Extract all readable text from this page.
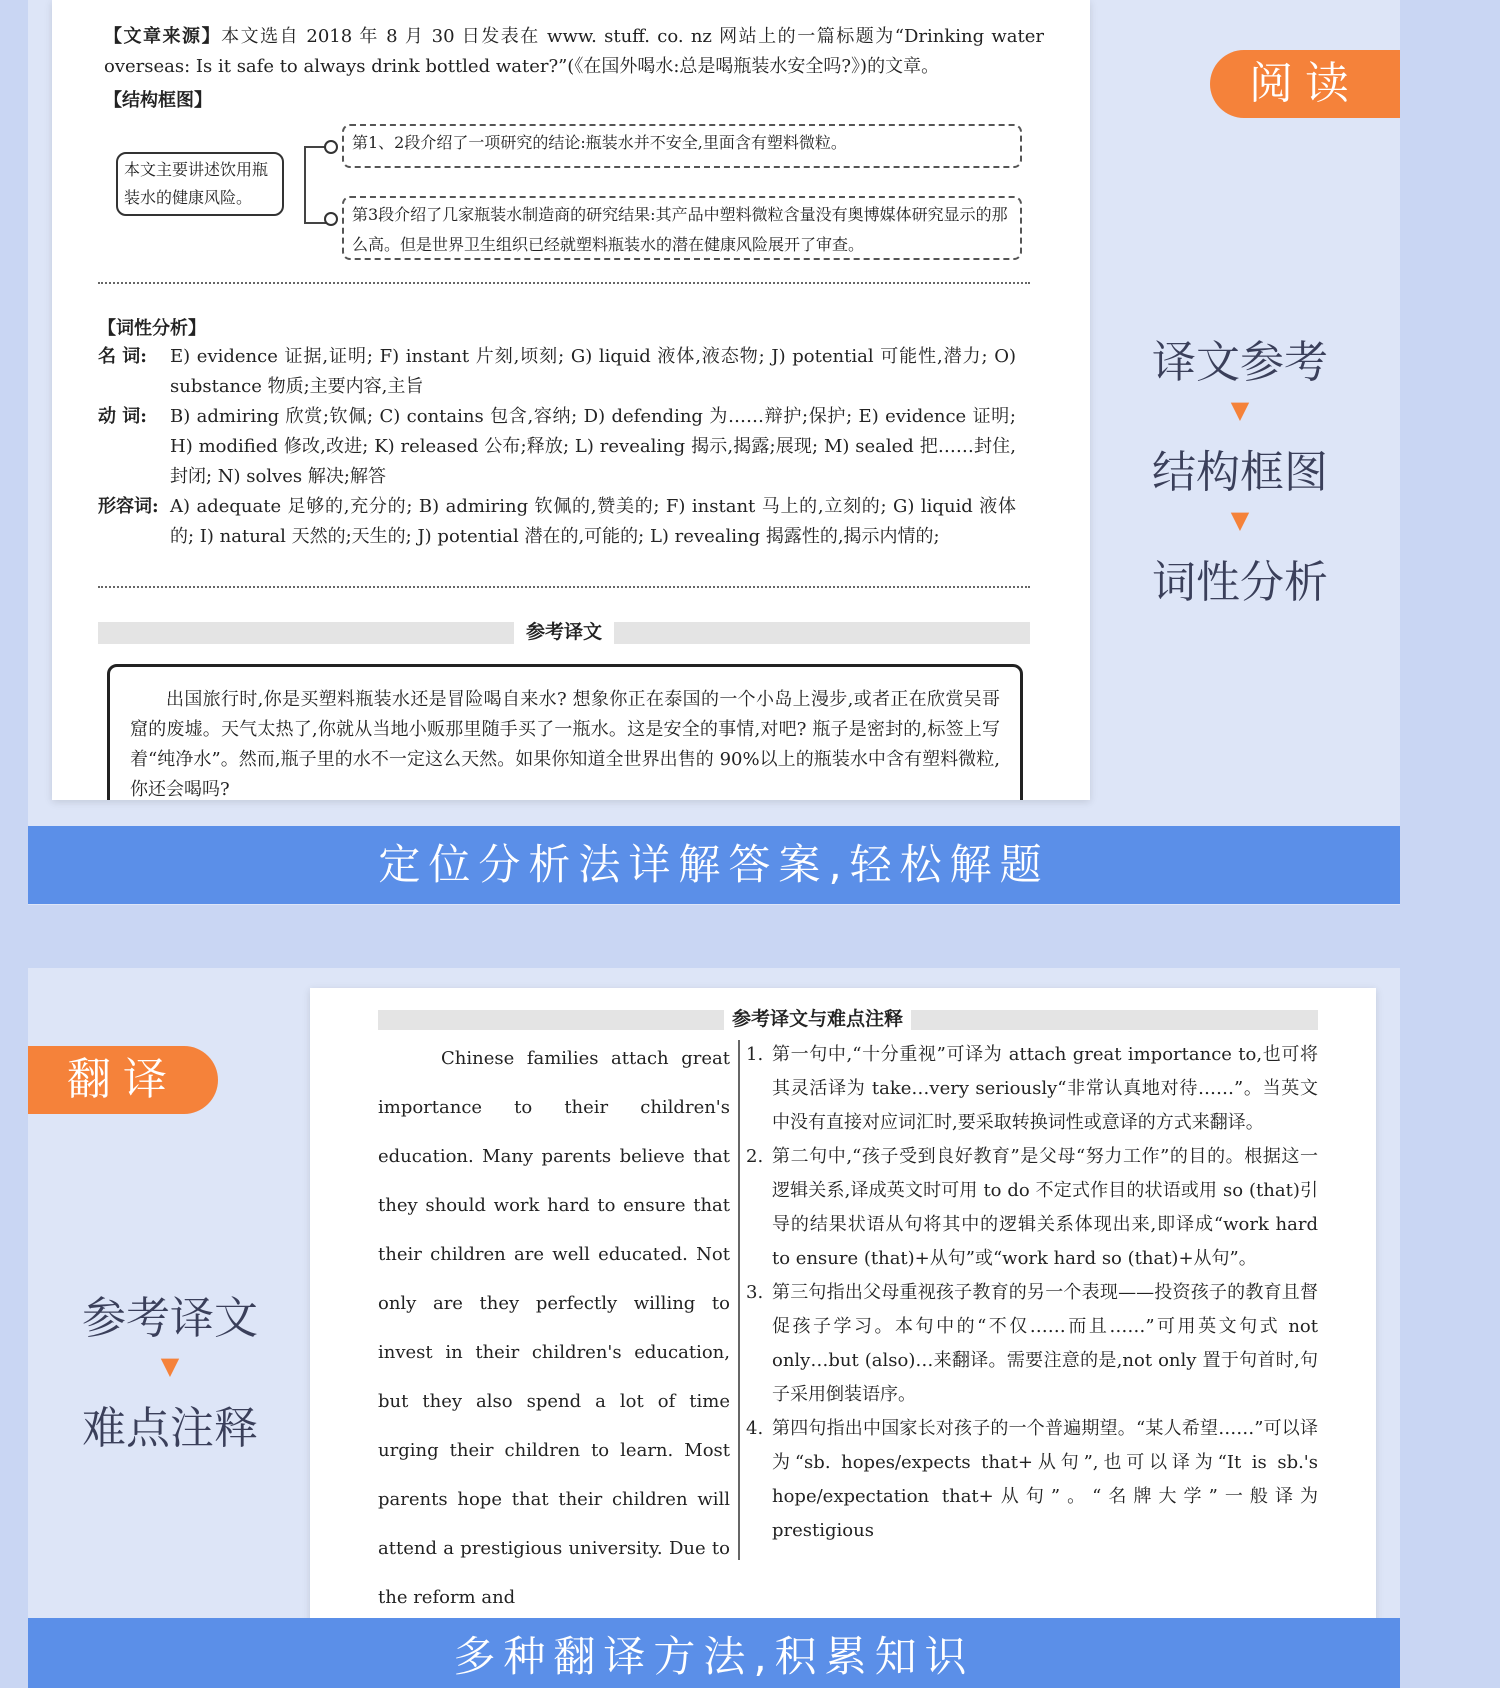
【文章来源】本文选自 2018 年 8 月 30 日发表在 www. stuff. co. nz 网站上的一篇标题为“Drinking water overseas: Is it safe to always drink bottled water?”(《在国外喝水:总是喝瓶装水安全吗?》)的文章。
【结构框图】
本文主要讲述饮用瓶装水的健康风险。
第1、2段介绍了一项研究的结论:瓶装水并不安全,里面含有塑料微粒。
第3段介绍了几家瓶装水制造商的研究结果:其产品中塑料微粒含量没有奥博媒体研究显示的那么高。但是世界卫生组织已经就塑料瓶装水的潜在健康风险展开了审查。
【词性分析】
名 词: E) evidence 证据,证明; F) instant 片刻,顷刻; G) liquid 液体,液态物; J) potential 可能性,潜力; O) substance 物质;主要内容,主旨
动 词: B) admiring 欣赏;钦佩; C) contains 包含,容纳; D) defending 为……辩护;保护; E) evidence 证明; H) modified 修改,改进; K) released 公布;释放; L) revealing 揭示,揭露;展现; M) sealed 把……封住,封闭; N) solves 解决;解答
形容词: A) adequate 足够的,充分的; B) admiring 钦佩的,赞美的; F) instant 马上的,立刻的; G) liquid 液体的; I) natural 天然的;天生的; J) potential 潜在的,可能的; L) revealing 揭露性的,揭示内情的;
参考译文
出国旅行时,你是买塑料瓶装水还是冒险喝自来水? 想象你正在泰国的一个小岛上漫步,或者正在欣赏吴哥窟的废墟。天气太热了,你就从当地小贩那里随手买了一瓶水。这是安全的事情,对吧? 瓶子是密封的,标签上写着“纯净水”。然而,瓶子里的水不一定这么天然。如果你知道全世界出售的 90%以上的瓶装水中含有塑料微粒,你还会喝吗?
阅读
译文参考
▼
结构框图
▼
词性分析
定位分析法详解答案,轻松解题
参考译文与难点注释

Chinese families attach great importance to their children's education. Many parents believe that they should work hard to ensure that their children are well educated. Not only are they perfectly willing to invest in their children's education, but they also spend a lot of time urging their children to learn. Most parents hope that their children will attend a prestigious university. Due to the reform and

1. 第一句中,“十分重视”可译为 attach great importance to,也可将其灵活译为 take…very seriously“非常认真地对待……”。当英文中没有直接对应词汇时,要采取转换词性或意译的方式来翻译。
2. 第二句中,“孩子受到良好教育”是父母“努力工作”的目的。根据这一逻辑关系,译成英文时可用 to do 不定式作目的状语或用 so (that)引导的结果状语从句将其中的逻辑关系体现出来,即译成“work hard to ensure (that)+从句”或“work hard so (that)+从句”。
3. 第三句指出父母重视孩子教育的另一个表现——投资孩子的教育且督促孩子学习。本句中的“不仅……而且……”可用英文句式 not only…but (also)…来翻译。需要注意的是,not only 置于句首时,句子采用倒装语序。
4. 第四句指出中国家长对孩子的一个普遍期望。“某人希望……”可以译为“sb. hopes/expects that+从句”,也可以译为“It is sb.'s hope/expectation that+从句”。“名牌大学”一般译为 prestigious
翻译
参考译文
▼
难点注释
多种翻译方法,积累知识
